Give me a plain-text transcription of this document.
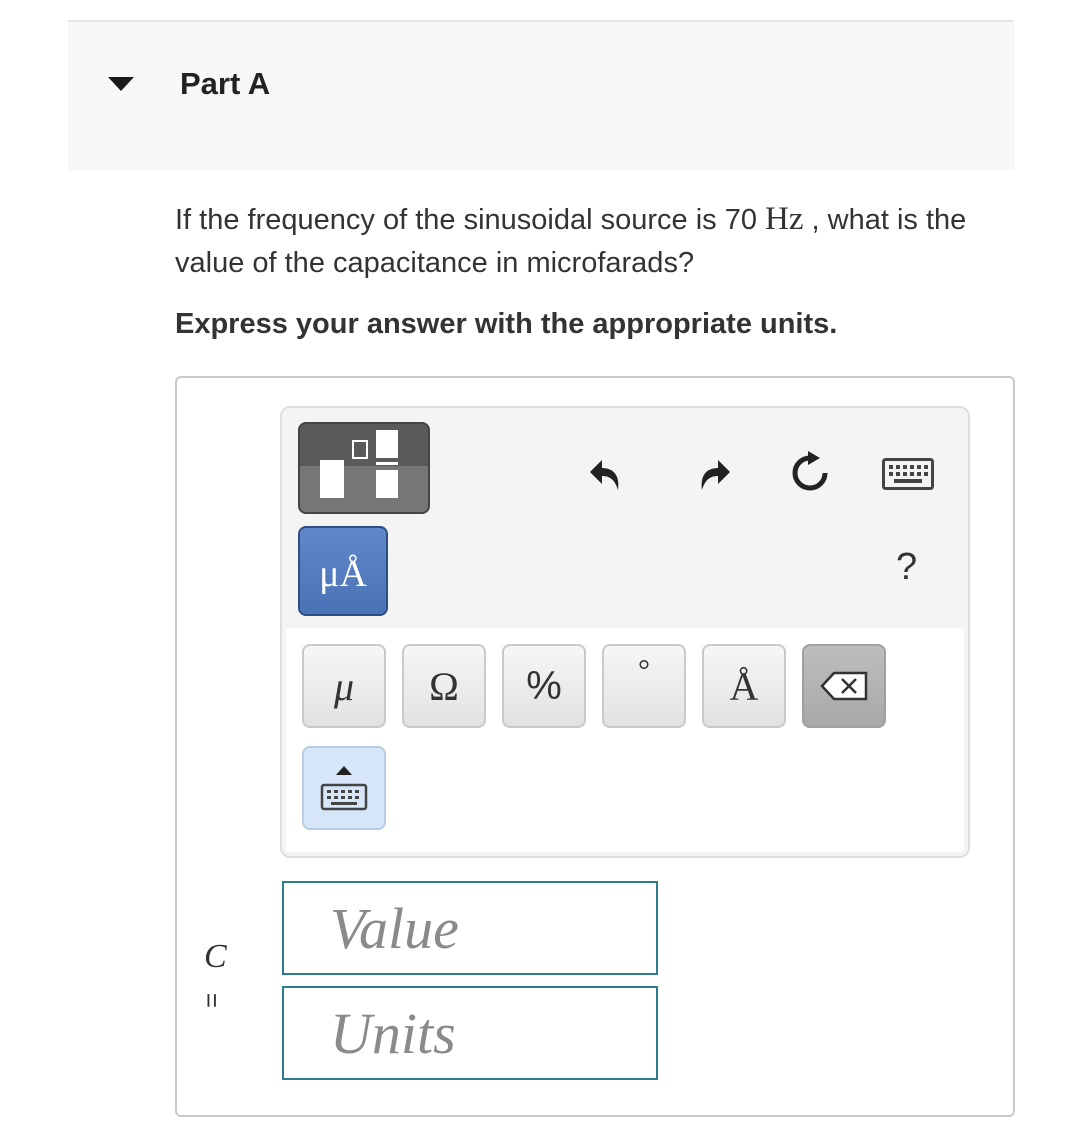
Part A
If the frequency of the sinusoidal source is 70 Hz , what is the value of the capacitance in microfarads?
Express your answer with the appropriate units.
μÅ	?
μ	Ω	%	°	Å
C
=
Value
Units
